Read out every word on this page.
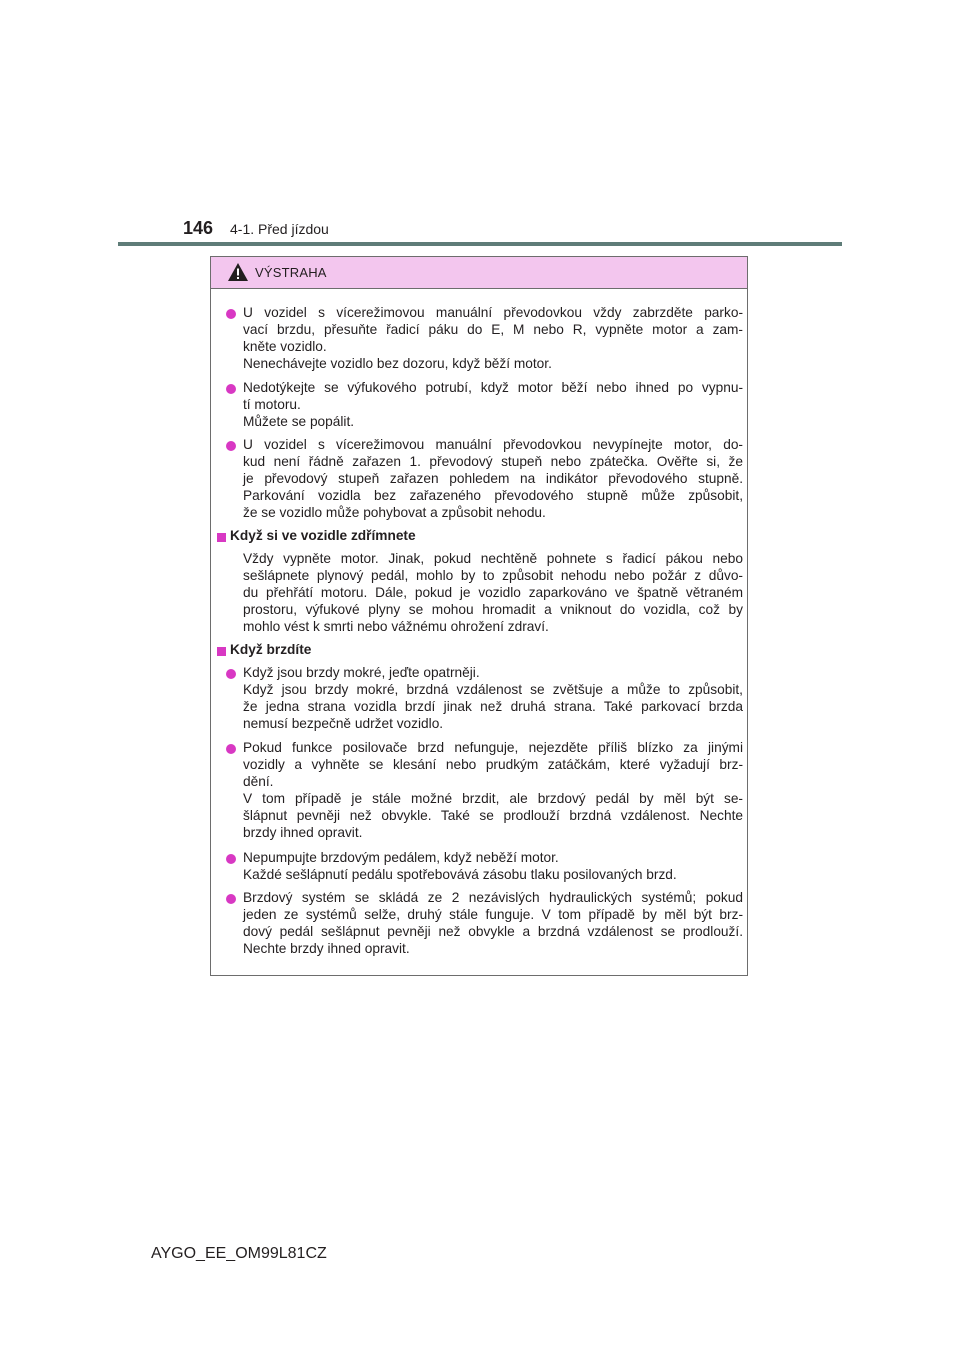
146 4-1. Před jízdou
VÝSTRAHA
U vozidel s vícerežimovou manuální převodovkou vždy zabrzděte parko-
vací brzdu, přesuňte řadicí páku do E, M nebo R, vypněte motor a zam-
kněte vozidlo.
Nenechávejte vozidlo bez dozoru, když běží motor.
Nedotýkejte se výfukového potrubí, když motor běží nebo ihned po vypnu-
tí motoru.
Můžete se popálit.
U vozidel s vícerežimovou manuální převodovkou nevypínejte motor, do-
kud není řádně zařazen 1. převodový stupeň nebo zpátečka. Ověřte si, že
je převodový stupeň zařazen pohledem na indikátor převodového stupně.
Parkování vozidla bez zařazeného převodového stupně může způsobit,
že se vozidlo může pohybovat a způsobit nehodu.
Když si ve vozidle zdřímnete
Vždy vypněte motor. Jinak, pokud nechtěně pohnete s řadicí pákou nebo
sešlápnete plynový pedál, mohlo by to způsobit nehodu nebo požár z důvo-
du přehřátí motoru. Dále, pokud je vozidlo zaparkováno ve špatně větraném
prostoru, výfukové plyny se mohou hromadit a vniknout do vozidla, což by
mohlo vést k smrti nebo vážnému ohrožení zdraví.
Když brzdíte
Když jsou brzdy mokré, jeďte opatrněji.
Když jsou brzdy mokré, brzdná vzdálenost se zvětšuje a může to způsobit,
že jedna strana vozidla brzdí jinak než druhá strana. Také parkovací brzda
nemusí bezpečně udržet vozidlo.
Pokud funkce posilovače brzd nefunguje, nejezděte příliš blízko za jinými
vozidly a vyhněte se klesání nebo prudkým zatáčkám, které vyžadují brz-
dění.
V tom případě je stále možné brzdit, ale brzdový pedál by měl být se-
šlápnut pevněji než obvykle. Také se prodlouží brzdná vzdálenost. Nechte
brzdy ihned opravit.
Nepumpujte brzdovým pedálem, když neběží motor.
Každé sešlápnutí pedálu spotřebovává zásobu tlaku posilovaných brzd.
Brzdový systém se skládá ze 2 nezávislých hydraulických systémů; pokud
jeden ze systémů selže, druhý stále funguje. V tom případě by měl být brz-
dový pedál sešlápnut pevněji než obvykle a brzdná vzdálenost se prodlouží.
Nechte brzdy ihned opravit.
AYGO_EE_OM99L81CZ
